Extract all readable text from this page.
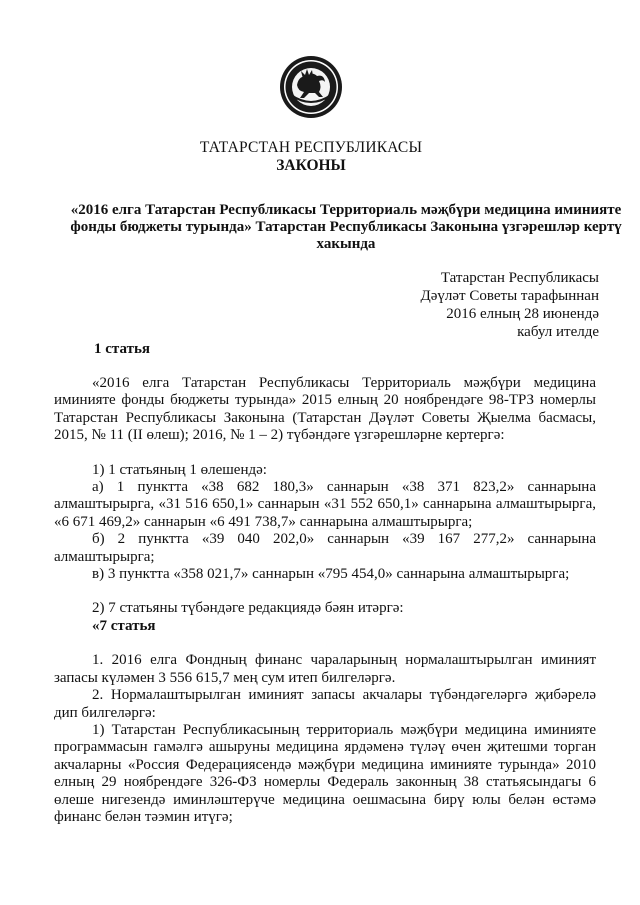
ТАТАРСТАН РЕСПУБЛИКАСЫ
ЗАКОНЫ
«2016 елга Татарстан Республикасы Территориаль мәҗбүри медицина иминияте фонды бюджеты турында» Татарстан Республикасы Законына үзгәрешләр кертү хакында
Татарстан Республикасы
Дәүләт Советы тарафыннан
2016 елның 28 июнендә
кабул ителде
1 статья

«2016 елга Татарстан Республикасы Территориаль мәҗбүри медицина иминияте фонды бюджеты турында» 2015 елның 20 ноябрендәге 98-ТРЗ номерлы Татарстан Республикасы Законына (Татарстан Дәүләт Советы Җыелма басмасы, 2015, № 11 (II өлеш); 2016, № 1 – 2) түбәндәге үзгәрешләрне кертергә:

1) 1 статьяның 1 өлешендә:

а) 1 пунктта «38 682 180,3» саннарын «38 371 823,2» саннарына алмаштырыргa, «31 516 650,1» саннарын «31 552 650,1» саннарына алмаштырырга, «6 671 469,2» саннарын «6 491 738,7» саннарына алмаштырырга;

б) 2 пунктта «39 040 202,0» саннарын «39 167 277,2» саннарына алмаштырыргa;

в) 3 пунктта «358 021,7» саннарын «795 454,0» саннарына алмаштырырга;

2) 7 статьяны түбәндәге редакциядә бәян итәргә:

«7 статья

1. 2016 елга Фондның финанс чараларының нормалаштырылган иминият запасы күләмен 3 556 615,7 мең сум итеп билгеләргә.

2. Нормалаштырылган иминият запасы акчалары түбәндәгеләргә җибәрелә дип билгеләргә:

1) Татарстан Республикасының территориаль мәҗбүри медицина иминияте программасын гамәлгә ашыруны медицина ярдәменә түләү өчен җитешми торган акчаларны «Россия Федерациясендә мәҗбүри медицина иминияте турында» 2010 елның 29 ноябрендәге 326-ФЗ номерлы Федераль законның 38 статьясындагы 6 өлеше нигезендә иминләштерүче медицина оешмасына бирү юлы белән өстәмә финанс белән тәэмин итүгә;
